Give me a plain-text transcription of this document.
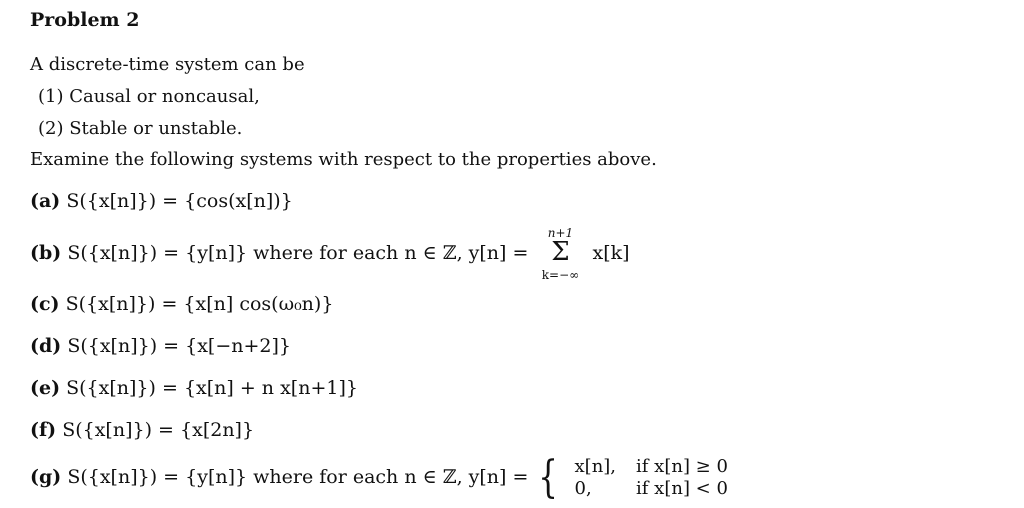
Problem 2
A discrete-time system can be
(1) Causal or noncausal,
(2) Stable or unstable.
Examine the following systems with respect to the properties above.
(a) S({x[n]}) = {cos(x[n])}
(b) S({x[n]}) = {y[n]} where for each n ∈ ℤ, y[n] =
n+1
Σ
k=−∞
x[k]
(c) S({x[n]}) = {x[n] cos(ω₀n)}
(d) S({x[n]}) = {x[−n+2]}
(e) S({x[n]}) = {x[n] + n x[n+1]}
(f) S({x[n]}) = {x[2n]}
(g) S({x[n]}) = {y[n]} where for each n ∈ ℤ, y[n] = { x[n],	if x[n] ≥ 0
0,	if x[n] < 0
